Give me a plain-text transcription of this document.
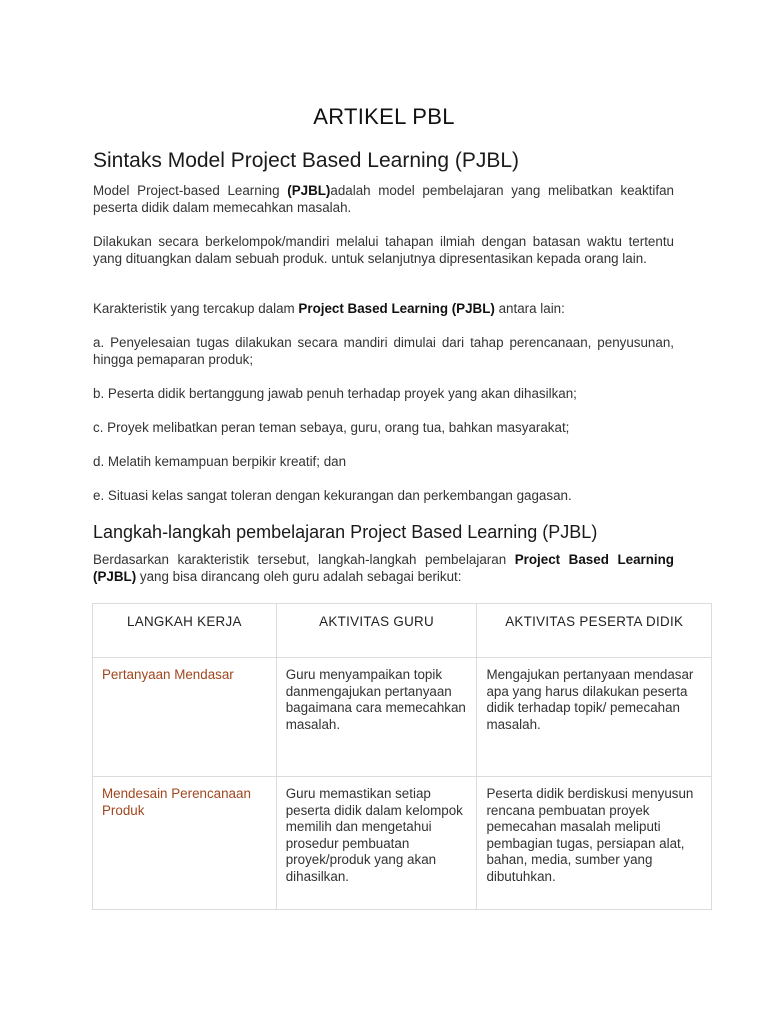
ARTIKEL PBL
Sintaks Model Project Based Learning (PJBL)

Model Project-based Learning (PJBL)adalah model pembelajaran yang melibatkan keaktifan peserta didik dalam memecahkan masalah.

Dilakukan secara berkelompok/mandiri melalui tahapan ilmiah dengan batasan waktu tertentu yang dituangkan dalam sebuah produk. untuk selanjutnya dipresentasikan kepada orang lain.

Karakteristik yang tercakup dalam Project Based Learning (PJBL) antara lain:

a. Penyelesaian tugas dilakukan secara mandiri dimulai dari tahap perencanaan, penyusunan, hingga pemaparan produk;

b. Peserta didik bertanggung jawab penuh terhadap proyek yang akan dihasilkan;

c. Proyek melibatkan peran teman sebaya, guru, orang tua, bahkan masyarakat;

d. Melatih kemampuan berpikir kreatif; dan

e. Situasi kelas sangat toleran dengan kekurangan dan perkembangan gagasan.

Langkah-langkah pembelajaran Project Based Learning (PJBL)

Berdasarkan karakteristik tersebut, langkah-langkah pembelajaran Project Based Learning (PJBL) yang bisa dirancang oleh guru adalah sebagai berikut:

LANGKAH KERJA	AKTIVITAS GURU	AKTIVITAS PESERTA DIDIK
Pertanyaan Mendasar	Guru menyampaikan topik danmengajukan pertanyaan bagaimana cara memecahkan masalah.	Mengajukan pertanyaan mendasar apa yang harus dilakukan peserta didik terhadap topik/ pemecahan masalah.
Mendesain Perencanaan Produk	Guru memastikan setiap peserta didik dalam kelompok memilih dan mengetahui prosedur pembuatan proyek/produk yang akan dihasilkan.	Peserta didik berdiskusi menyusun rencana pembuatan proyek pemecahan masalah meliputi pembagian tugas, persiapan alat, bahan, media, sumber yang dibutuhkan.
